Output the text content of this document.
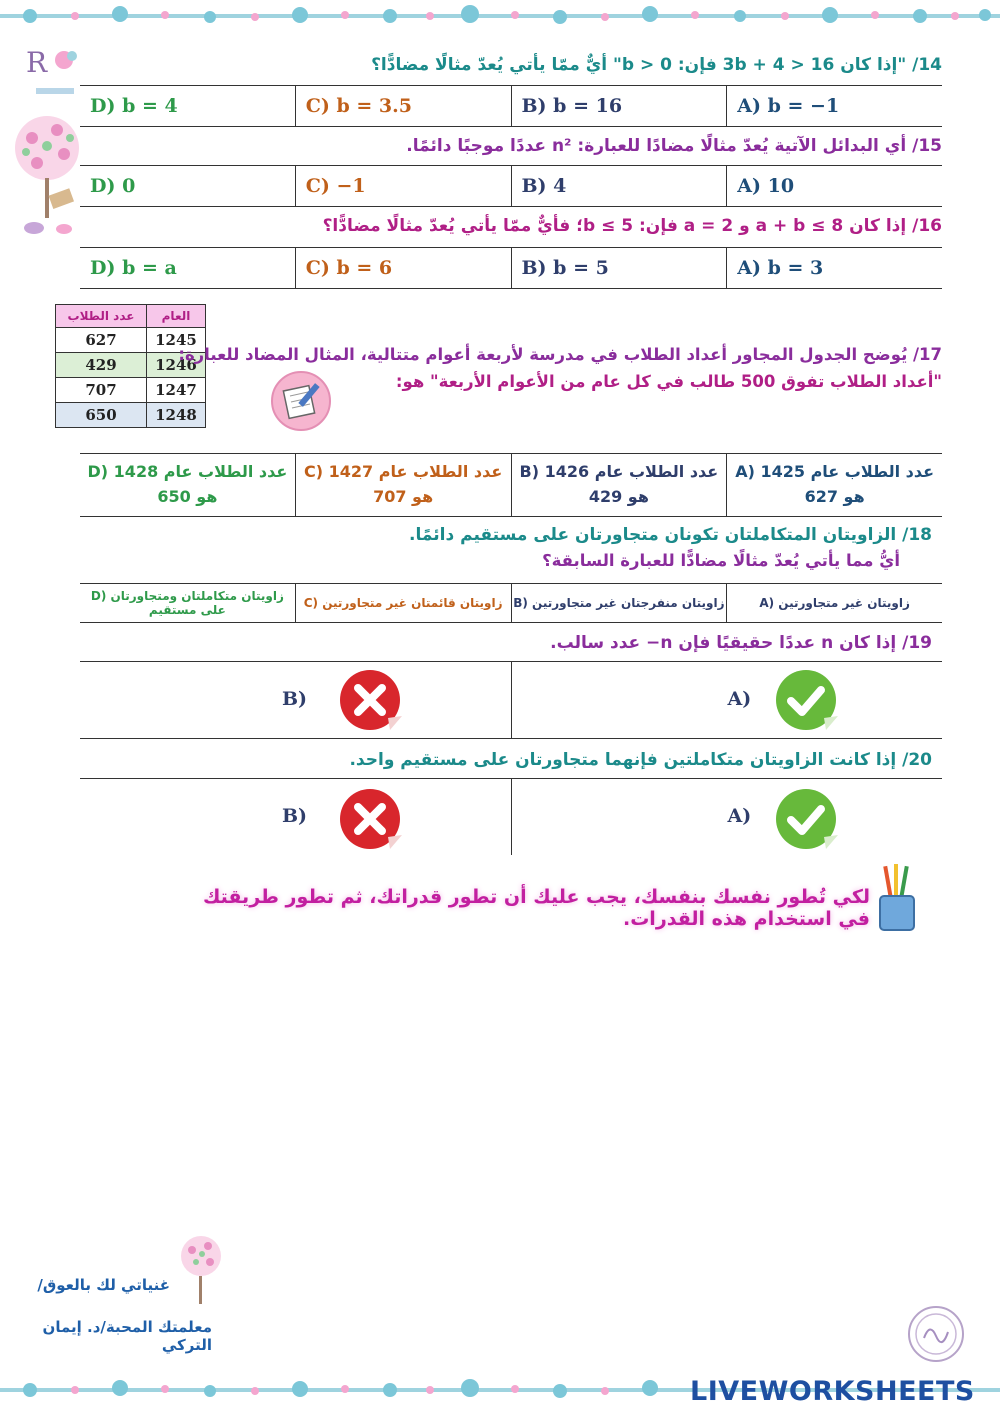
R	14/ "إذا كان 16 < 4 + 3b فإن: b > 0" أيٌّ ممّا يأتي يُعدّ مثالًا مضادًّا؟
A) b = −1
B) b = 16
C) b = 3.5
D) b = 4
15/ أي البدائل الآتية يُعدّ مثالًا مضادًا للعبارة: n² عددًا موجبًا دائمًا.
A) 10
B) 4
C) −1
D) 0
16/ إذا كان a + b ≤ 8 و a = 2 فإن: b ≤ 5؛ فأيٌّ ممّا يأتي يُعدّ مثالًا مضادًّا؟
A) b = 3
B) b = 5
C) b = 6
D) b = a
عدد الطلاب	العام
627	1245
429	1246
707	1247
650	1248
17/ يُوضح الجدول المجاور أعداد الطلاب في مدرسة لأربعة أعوام متتالية، المثال المضاد للعبارة:
"أعداد الطلاب تفوق 500 طالب في كل عام من الأعوام الأربعة" هو:
عدد الطلاب عام 1425 (A
هو 627
عدد الطلاب عام 1426 (B
هو 429
عدد الطلاب عام 1427 (C
هو 707
عدد الطلاب عام 1428 (D
هو 650
18/ الزاويتان المتكاملتان تكونان متجاورتان على مستقيم دائمًا.
أيُّ مما يأتي يُعدّ مثالًا مضادًّا للعبارة السابقة؟
زاويتان غير متجاورتين (A
زاويتان منفرجتان غير متجاورتين (B
زاويتان قائمتان غير متجاورتين (C
زاويتان متكاملتان ومتجاورتان (D على مستقيم
19/ إذا كان n عددًا حقيقيًا فإن n− عدد سالب.
B)	A)
20/ إذا كانت الزاويتان متكاملتين فإنهما متجاورتان على مستقيم واحد.
B)	A)
لكي تُطور نفسك بنفسك، يجب عليك أن تطور قدراتك، ثم تطور طريقتك في استخدام هذه القدرات.
غنياتي لك بالعوق/
معلمتك المحبة/د. إيمان التركي
LIVEWORKSHEETS
